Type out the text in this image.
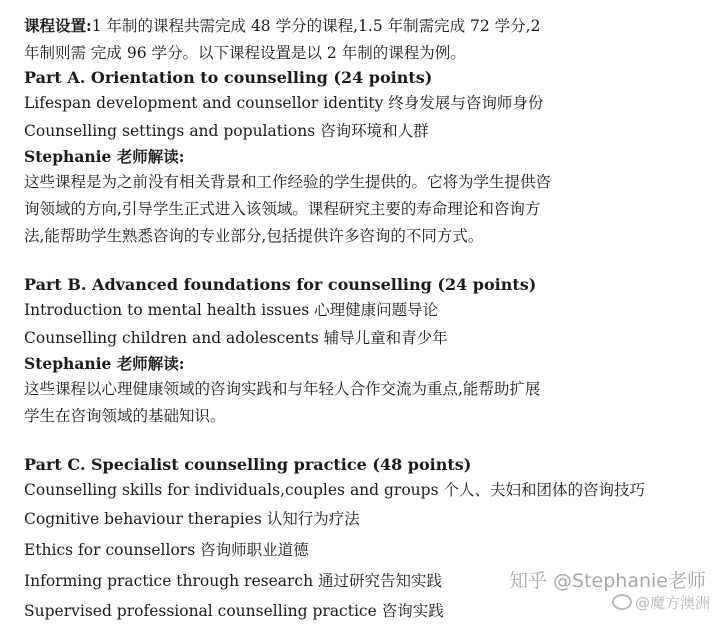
课程设置:1 年制的课程共需完成 48 学分的课程,1.5 年制需完成 72 学分,2
年制则需 完成 96 学分。以下课程设置是以 2 年制的课程为例。
Part A. Orientation to counselling (24 points)
Lifespan development and counsellor identity 终身发展与咨询师身份
Counselling settings and populations 咨询环境和人群
Stephanie 老师解读:
这些课程是为之前没有相关背景和工作经验的学生提供的。它将为学生提供咨
询领域的方向,引导学生正式进入该领域。课程研究主要的寿命理论和咨询方
法,能帮助学生熟悉咨询的专业部分,包括提供许多咨询的不同方式。
Part B. Advanced foundations for counselling (24 points)
Introduction to mental health issues 心理健康问题导论
Counselling children and adolescents 辅导儿童和青少年
Stephanie 老师解读:
这些课程以心理健康领域的咨询实践和与年轻人合作交流为重点,能帮助扩展
学生在咨询领域的基础知识。
Part C. Specialist counselling practice (48 points)
Counselling skills for individuals,couples and groups 个人、夫妇和团体的咨询技巧
Cognitive behaviour therapies 认知行为疗法
Ethics for counsellors 咨询师职业道德
Informing practice through research 通过研究告知实践
Supervised professional counselling practice 咨询实践
知乎 @Stephanie老师
@魔方澳洲
